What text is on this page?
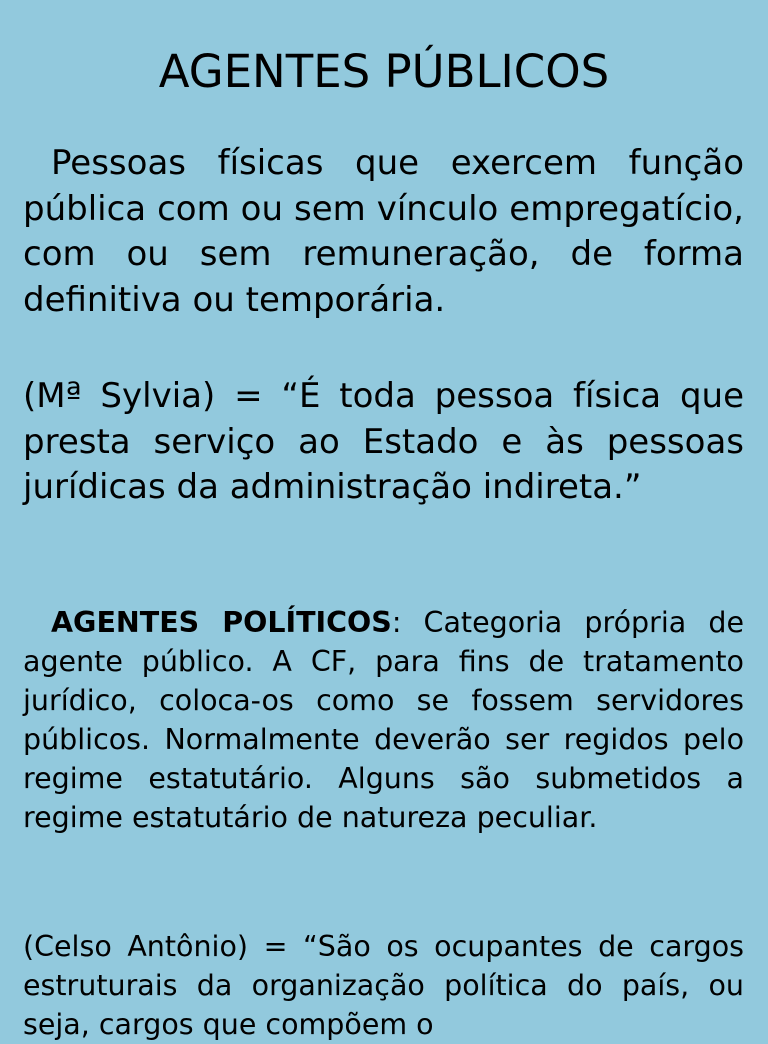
AGENTES PÚBLICOS

Pessoas físicas que exercem função pública com ou sem vínculo empregatício, com ou sem remuneração, de forma definitiva ou temporária.

(Mª Sylvia) = “É toda pessoa física que presta serviço ao Estado e às pessoas jurídicas da administração indireta.”

AGENTES POLÍTICOS: Categoria própria de agente público. A CF, para fins de tratamento jurídico, coloca-os como se fossem servidores públicos. Normalmente deverão ser regidos pelo regime estatutário. Alguns são submetidos a regime estatutário de natureza peculiar.

(Celso Antônio) = “São os ocupantes de cargos estruturais da organização política do país, ou seja, cargos que compõem o
